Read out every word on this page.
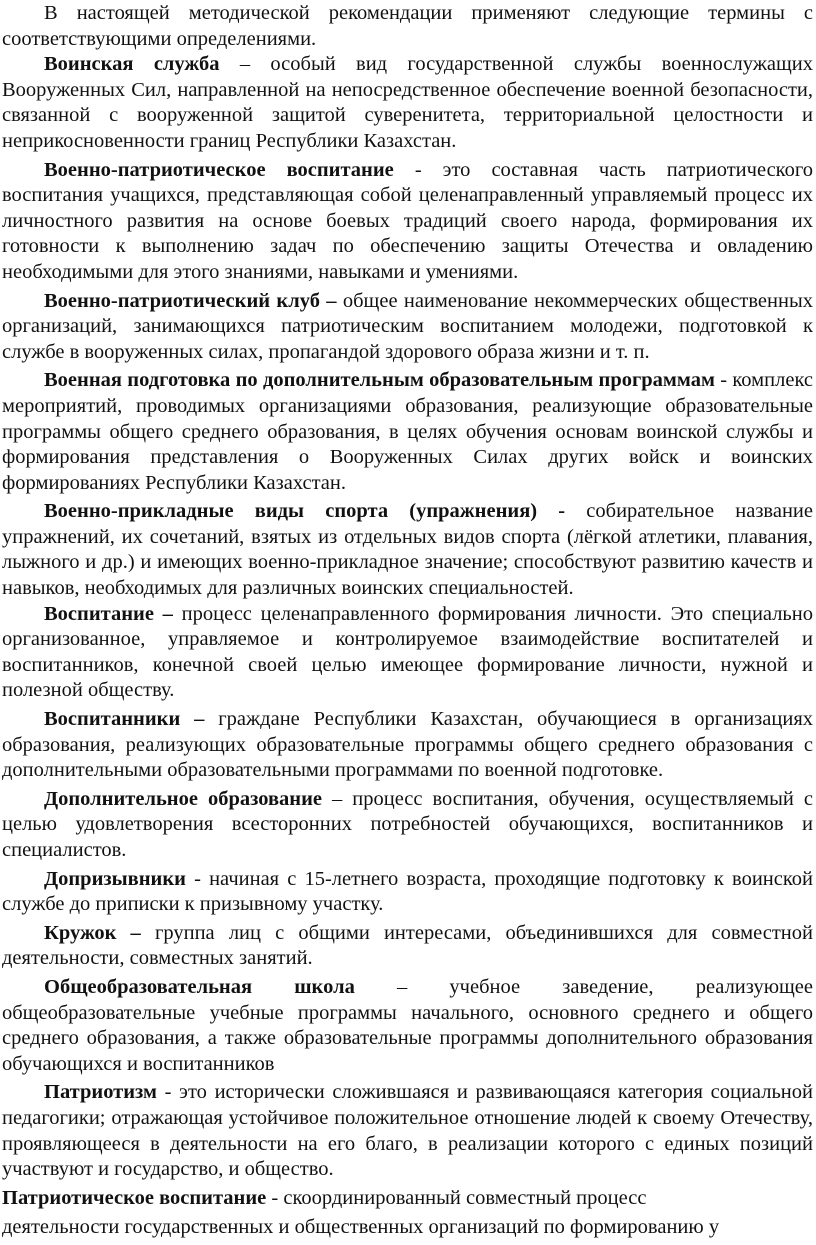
В настоящей методической рекомендации применяют следующие термины с соответствующими определениями.

Воинская служба – особый вид государственной службы военнослужащих Вооруженных Сил, направленной на непосредственное обеспечение военной безопасности, связанной с вооруженной защитой суверенитета, территориальной целостности и неприкосновенности границ Республики Казахстан.

Военно-патриотическое воспитание - это составная часть патриотического воспитания учащихся, представляющая собой целенаправленный управляемый процесс их личностного развития на основе боевых традиций своего народа, формирования их готовности к выполнению задач по обеспечению защиты Отечества и овладению необходимыми для этого знаниями, навыками и умениями.

Военно-патриотический клуб – общее наименование некоммерческих общественных организаций, занимающихся патриотическим воспитанием молодежи, подготовкой к службе в вооруженных силах, пропагандой здорового образа жизни и т. п.

Военная подготовка по дополнительным образовательным программам - комплекс мероприятий, проводимых организациями образования, реализующие образовательные программы общего среднего образования, в целях обучения основам воинской службы и формирования представления о Вооруженных Силах других войск и воинских формированиях Республики Казахстан.

Военно-прикладные виды спорта (упражнения) - собирательное название упражнений, их сочетаний, взятых из отдельных видов спорта (лёгкой атлетики, плавания, лыжного и др.) и имеющих военно-прикладное значение; способствуют развитию качеств и навыков, необходимых для различных воинских специальностей.

Воспитание – процесс целенаправленного формирования личности. Это специально организованное, управляемое и контролируемое взаимодействие воспитателей и воспитанников, конечной своей целью имеющее формирование личности, нужной и полезной обществу.

Воспитанники – граждане Республики Казахстан, обучающиеся в организациях образования, реализующих образовательные программы общего среднего образования с дополнительными образовательными программами по военной подготовке.

Дополнительное образование – процесс воспитания, обучения, осуществляемый с целью удовлетворения всесторонних потребностей обучающихся, воспитанников и специалистов.

Допризывники - начиная с 15-летнего возраста, проходящие подготовку к воинской службе до приписки к призывному участку.

Кружок – группа лиц с общими интересами, объединившихся для совместной деятельности, совместных занятий.

Общеобразовательная школа – учебное заведение, реализующее общеобразовательные учебные программы начального, основного среднего и общего среднего образования, а также образовательные программы дополнительного образования обучающихся и воспитанников

Патриотизм - это исторически сложившаяся и развивающаяся категория социальной педагогики; отражающая устойчивое положительное отношение людей к своему Отечеству, проявляющееся в деятельности на его благо, в реализации которого с единых позиций участвуют и государство, и общество.

Патриотическое воспитание - скоординированный совместный процесс

деятельности государственных и общественных организаций по формированию у
